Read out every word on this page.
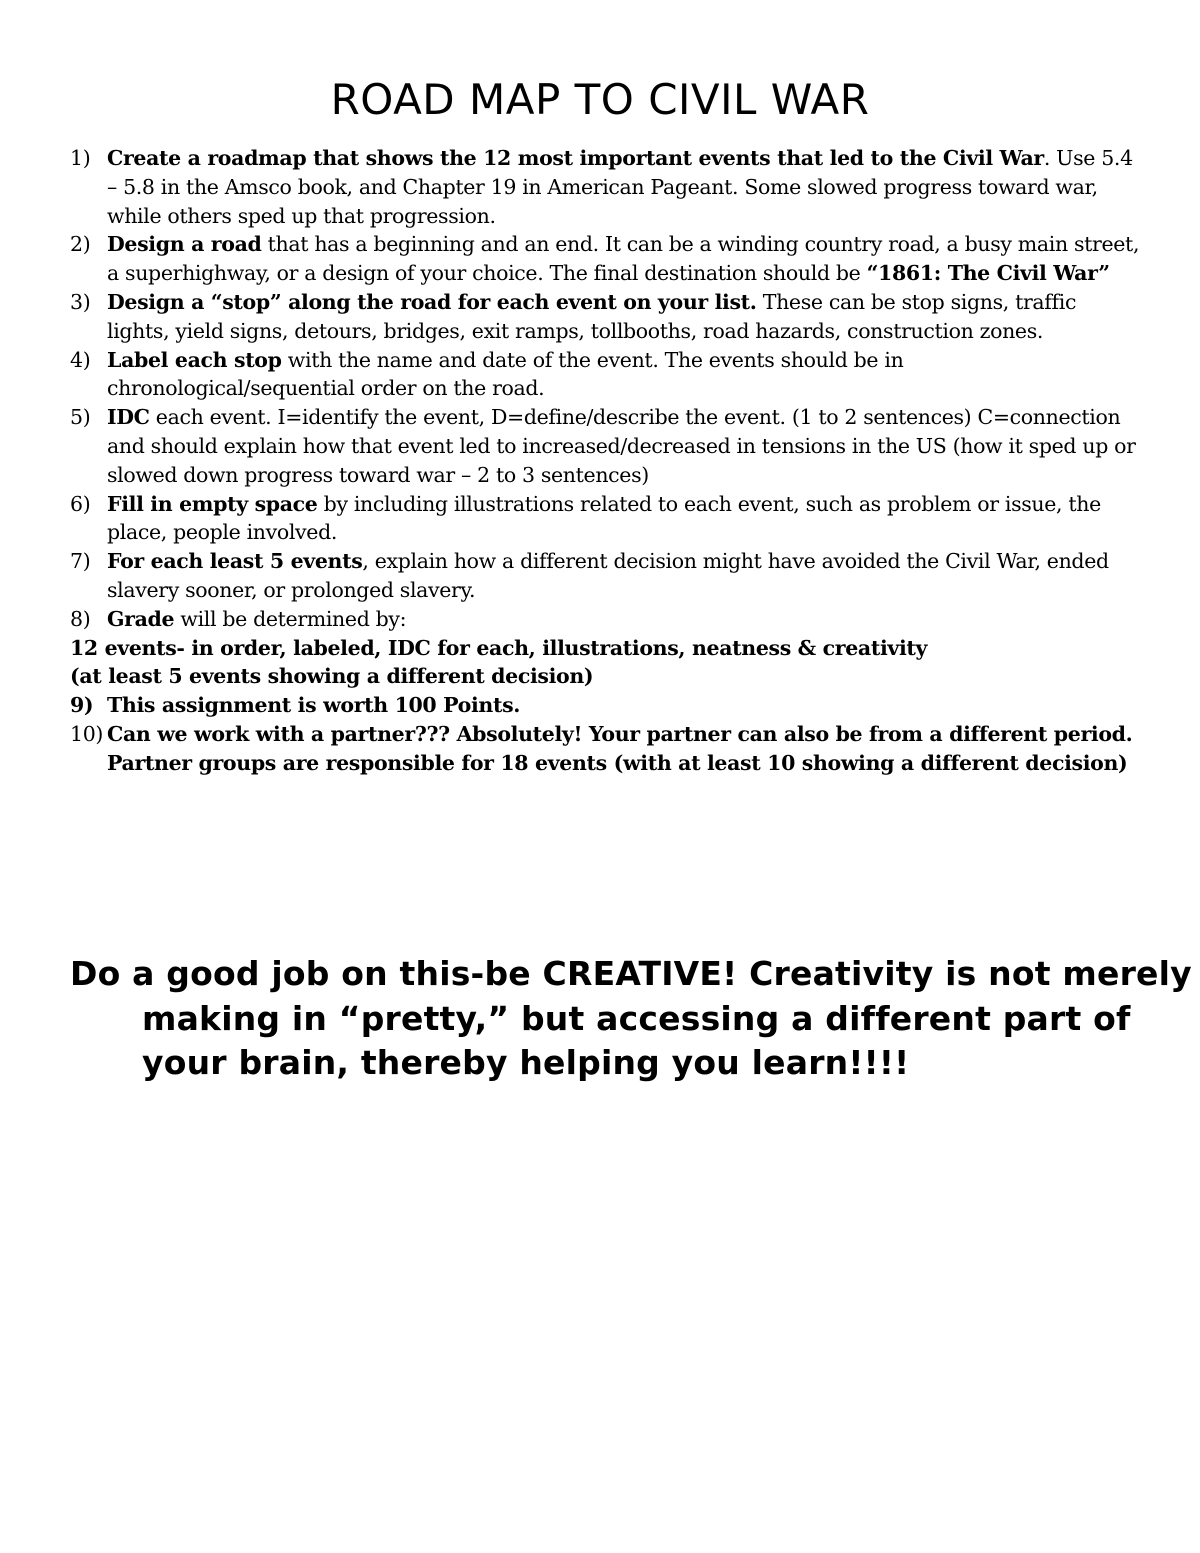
ROAD MAP TO CIVIL WAR
1) Create a roadmap that shows the 12 most important events that led to the Civil War. Use 5.4 – 5.8 in the Amsco book, and Chapter 19 in American Pageant. Some slowed progress toward war, while others sped up that progression.
2) Design a road that has a beginning and an end. It can be a winding country road, a busy main street, a superhighway, or a design of your choice. The final destination should be “1861: The Civil War”
3) Design a “stop” along the road for each event on your list. These can be stop signs, traffic lights, yield signs, detours, bridges, exit ramps, tollbooths, road hazards, construction zones.
4) Label each stop with the name and date of the event. The events should be in chronological/sequential order on the road.
5) IDC each event. I=identify the event, D=define/describe the event. (1 to 2 sentences) C=connection and should explain how that event led to increased/decreased in tensions in the US (how it sped up or slowed down progress toward war – 2 to 3 sentences)
6) Fill in empty space by including illustrations related to each event, such as problem or issue, the place, people involved.
7) For each least 5 events, explain how a different decision might have avoided the Civil War, ended slavery sooner, or prolonged slavery.
8) Grade will be determined by:
12 events- in order, labeled, IDC for each, illustrations, neatness & creativity
(at least 5 events showing a different decision)
9) This assignment is worth 100 Points.
10) Can we work with a partner??? Absolutely! Your partner can also be from a different period. Partner groups are responsible for 18 events (with at least 10 showing a different decision)
Do a good job on this-be CREATIVE! Creativity is not merely making in “pretty,” but accessing a different part of your brain, thereby helping you learn!!!!
